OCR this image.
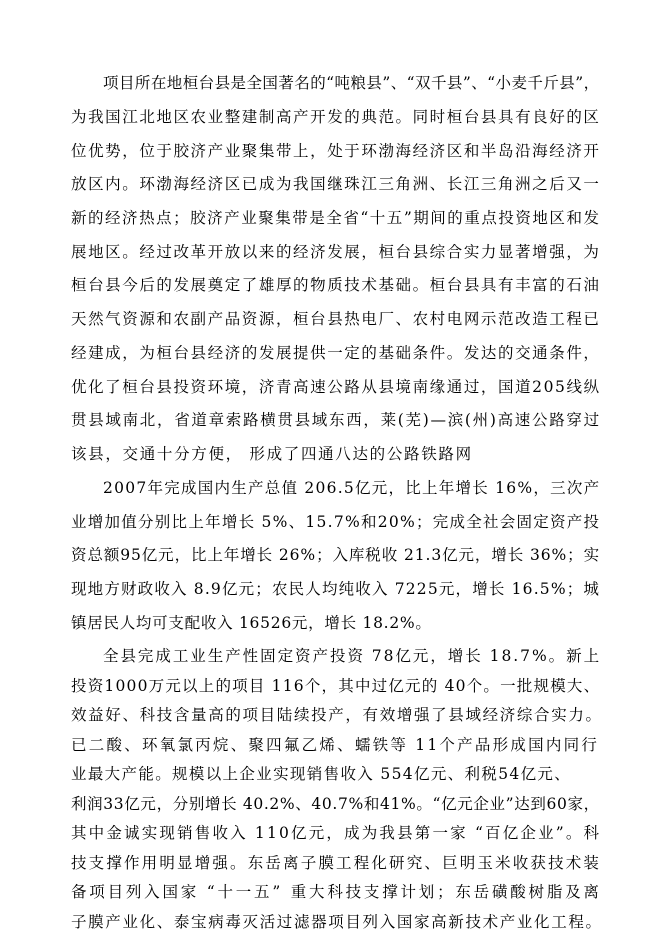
项目所在地桓台县是全国著名的“吨粮县”、“双千县”、“小麦千斤县”，
为我国江北地区农业整建制高产开发的典范。同时桓台县具有良好的区
位优势，位于胶济产业聚集带上，处于环渤海经济区和半岛沿海经济开
放区内。环渤海经济区已成为我国继珠江三角洲、长江三角洲之后又一
新的经济热点；胶济产业聚集带是全省“十五”期间的重点投资地区和发
展地区。经过改革开放以来的经济发展，桓台县综合实力显著增强，为
桓台县今后的发展奠定了雄厚的物质技术基础。桓台县具有丰富的石油
天然气资源和农副产品资源，桓台县热电厂、农村电网示范改造工程已
经建成，为桓台县经济的发展提供一定的基础条件。发达的交通条件，
优化了桓台县投资环境，济青高速公路从县境南缘通过，国道205线纵
贯县域南北，省道章索路横贯县域东西，莱(芜)—滨(州)高速公路穿过
该县，交通十分方便， 形成了四通八达的公路铁路网
2007年完成国内生产总值 206.5亿元，比上年增长 16%，三次产
业增加值分别比上年增长 5%、15.7%和20%；完成全社会固定资产投
资总额95亿元，比上年增长 26%；入库税收 21.3亿元，增长 36%；实
现地方财政收入 8.9亿元；农民人均纯收入 7225元，增长 16.5%；城
镇居民人均可支配收入 16526元，增长 18.2%。
全县完成工业生产性固定资产投资 78亿元，增长 18.7%。新上
投资1000万元以上的项目 116个，其中过亿元的 40个。一批规模大、
效益好、科技含量高的项目陆续投产，有效增强了县域经济综合实力。
已二酸、环氧氯丙烷、聚四氟乙烯、蠕铁等 11个产品形成国内同行
业最大产能。规模以上企业实现销售收入 554亿元、利税54亿元、
利润33亿元，分别增长 40.2%、40.7%和41%。“亿元企业”达到60家，
其中金诚实现销售收入 110亿元，成为我县第一家 “百亿企业”。科
技支撑作用明显增强。东岳离子膜工程化研究、巨明玉米收获技术装
备项目列入国家 “十一五” 重大科技支撑计划；东岳磺酸树脂及离
子膜产业化、泰宝病毒灭活过滤器项目列入国家高新技术产业化工程。
